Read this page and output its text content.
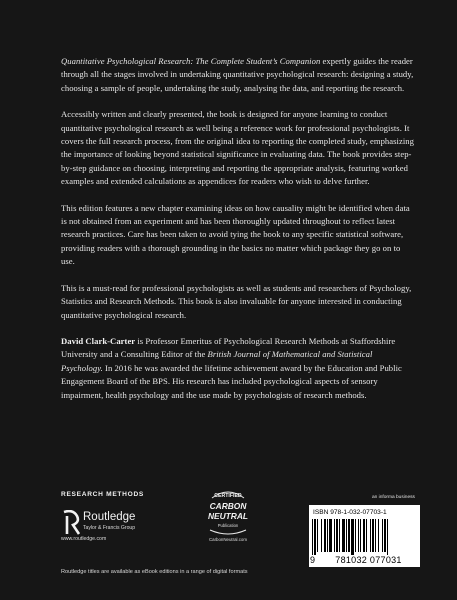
Quantitative Psychological Research: The Complete Student’s Companion expertly guides the reader through all the stages involved in undertaking quantitative psychological research: designing a study, choosing a sample of people, undertaking the study, analysing the data, and reporting the research.

Accessibly written and clearly presented, the book is designed for anyone learning to conduct quantitative psychological research as well being a reference work for professional psychologists. It covers the full research process, from the original idea to reporting the completed study, emphasizing the importance of looking beyond statistical significance in evaluating data. The book provides step-by-step guidance on choosing, interpreting and reporting the appropriate analysis, featuring worked examples and extended calculations as appendices for readers who wish to delve further.

This edition features a new chapter examining ideas on how causality might be identified when data is not obtained from an experiment and has been thoroughly updated throughout to reflect latest research practices. Care has been taken to avoid tying the book to any specific statistical software, providing readers with a thorough grounding in the basics no matter which package they go on to use.

This is a must-read for professional psychologists as well as students and researchers of Psychology, Statistics and Research Methods. This book is also invaluable for anyone interested in conducting quantitative psychological research.

David Clark-Carter is Professor Emeritus of Psychological Research Methods at Staffordshire University and a Consulting Editor of the British Journal of Mathematical and Statistical Psychology. In 2016 he was awarded the lifetime achievement award by the Education and Public Engagement Board of the BPS. His research has included psychological aspects of sensory impairment, health psychology and the use made by psychologists of research methods.

RESEARCH METHODS
Routledge
Taylor & Francis Group
www.routledge.com
CERTIFIED
CARBON
NEUTRAL
Publication
CarbonNeutral.com
an informa business
ISBN 978-1-032-07703-1
9	781032 077031
Routledge titles are available as eBook editions in a range of digital formats
